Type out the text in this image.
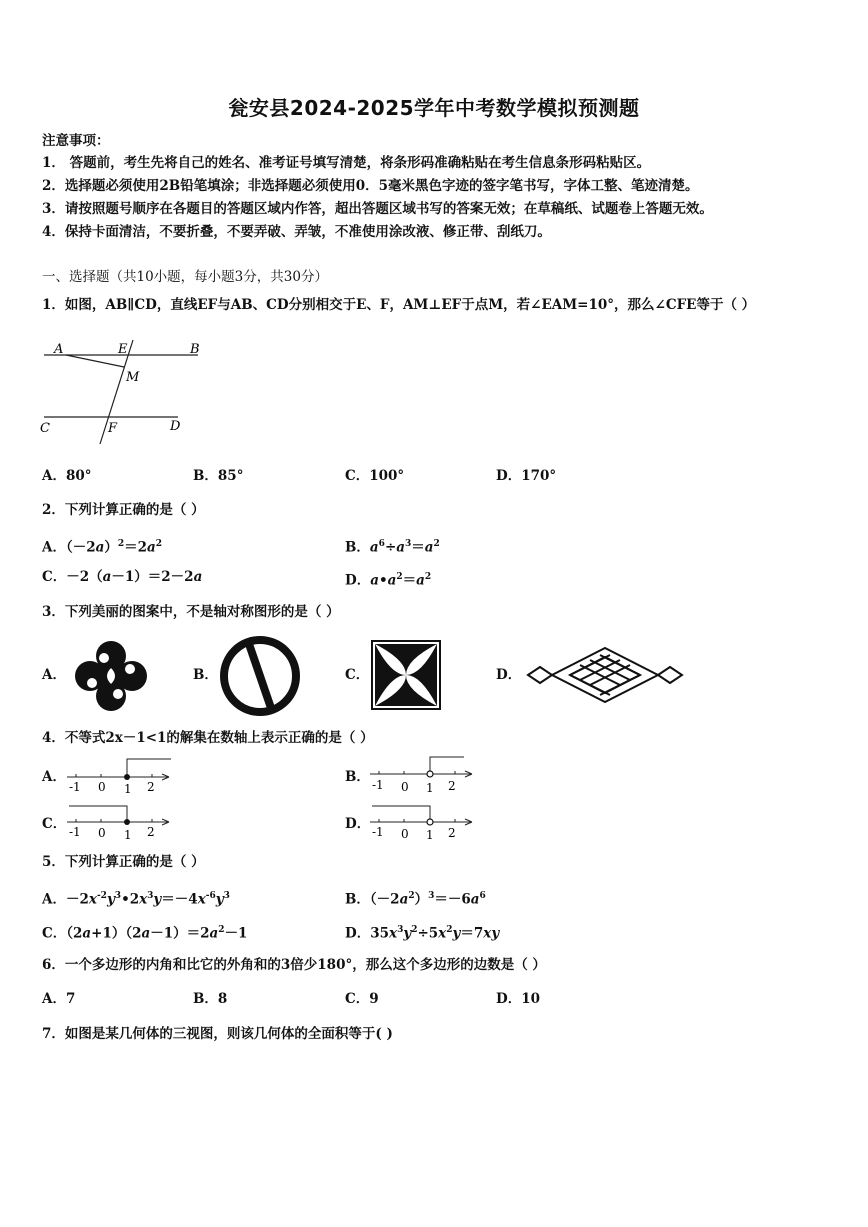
瓮安县2024-2025学年中考数学模拟预测题
注意事项：
1． 答题前，考生先将自己的姓名、准考证号填写清楚，将条形码准确粘贴在考生信息条形码粘贴区。
2．选择题必须使用2B铅笔填涂；非选择题必须使用0．5毫米黑色字迹的签字笔书写，字体工整、笔迹清楚。
3．请按照题号顺序在各题目的答题区域内作答，超出答题区域书写的答案无效；在草稿纸、试题卷上答题无效。
4．保持卡面清洁，不要折叠，不要弄破、弄皱，不准使用涂改液、修正带、刮纸刀。
一、选择题（共10小题，每小题3分，共30分）
1．如图，AB∥CD，直线EF与AB、CD分别相交于E、F，AM⊥EF于点M，若∠EAM=10°，那么∠CFE等于（ ）
A	E	B
M
C	F	D
A．80°	B．85°	C．100°	D．170°
2．下列计算正确的是（ ）
A．$(-2a)^2=2a^2$	B．$a^6\div a^3=a^2$
C．－2（a－1）＝2－2a	D．$a•a^2=a^2$
3．下列美丽的图案中，不是轴对称图形的是（ ）
A．	B．	C．	D．
4．不等式2x－1<1的解集在数轴上表示正确的是（ ）
A．
-1 0 1 2
B． -1 0 1 2
C． -1 0 1 2	D． -1 0 1 2
5．下列计算正确的是（ ）
A．$-2x^{-2}y^3•2x^3y=-4x^{-6}y^3$	B．$(-2a^2)^3=-6a^6$
C．$(2a+1)(2a-1)=2a^2-1$	D．$35x^3y^2\div 5x^2y=7xy$
6．一个多边形的内角和比它的外角和的3倍少180°，那么这个多边形的边数是（ ）
A．7	B．8	C．9	D．10
7．如图是某几何体的三视图，则该几何体的全面积等于( )
